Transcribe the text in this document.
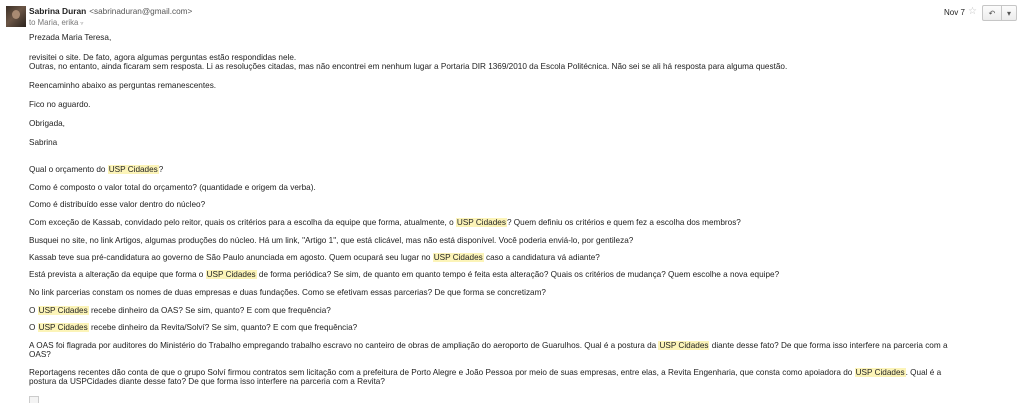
Sabrina Duran <sabrinaduran@gmail.com>
to Maria, erika ▿
Nov 7 ☆ ↶ ▾
Prezada Maria Teresa,
revisitei o site. De fato, agora algumas perguntas estão respondidas nele.
Outras, no entanto, ainda ficaram sem resposta. Li as resoluções citadas, mas não encontrei em nenhum lugar a Portaria DIR 1369/2010 da Escola Politécnica. Não sei se ali há resposta para alguma questão.
Reencaminho abaixo as perguntas remanescentes.
Fico no aguardo.
Obrigada,
Sabrina
Qual o orçamento do USP Cidades?
Como é composto o valor total do orçamento? (quantidade e origem da verba).
Como é distribuído esse valor dentro do núcleo?
Com exceção de Kassab, convidado pelo reitor, quais os critérios para a escolha da equipe que forma, atualmente, o USP Cidades? Quem definiu os critérios e quem fez a escolha dos membros?
Busquei no site, no link Artigos, algumas produções do núcleo. Há um link, "Artigo 1", que está clicável, mas não está disponível. Você poderia enviá-lo, por gentileza?
Kassab teve sua pré-candidatura ao governo de São Paulo anunciada em agosto. Quem ocupará seu lugar no USP Cidades caso a candidatura vá adiante?
Está prevista a alteração da equipe que forma o USP Cidades de forma periódica? Se sim, de quanto em quanto tempo é feita esta alteração? Quais os critérios de mudança? Quem escolhe a nova equipe?
No link parcerias constam os nomes de duas empresas e duas fundações. Como se efetivam essas parcerias? De que forma se concretizam?
O USP Cidades recebe dinheiro da OAS? Se sim, quanto? E com que frequência?
O USP Cidades recebe dinheiro da Revita/Solví? Se sim, quanto? E com que frequência?
A OAS foi flagrada por auditores do Ministério do Trabalho empregando trabalho escravo no canteiro de obras de ampliação do aeroporto de Guarulhos. Qual é a postura da USP Cidades diante desse fato? De que forma isso interfere na parceria com a
OAS?
Reportagens recentes dão conta de que o grupo Solví firmou contratos sem licitação com a prefeitura de Porto Alegre e João Pessoa por meio de suas empresas, entre elas, a Revita Engenharia, que consta como apoiadora do USP Cidades. Qual é a
postura da USPCidades diante desse fato? De que forma isso interfere na parceria com a Revita?
